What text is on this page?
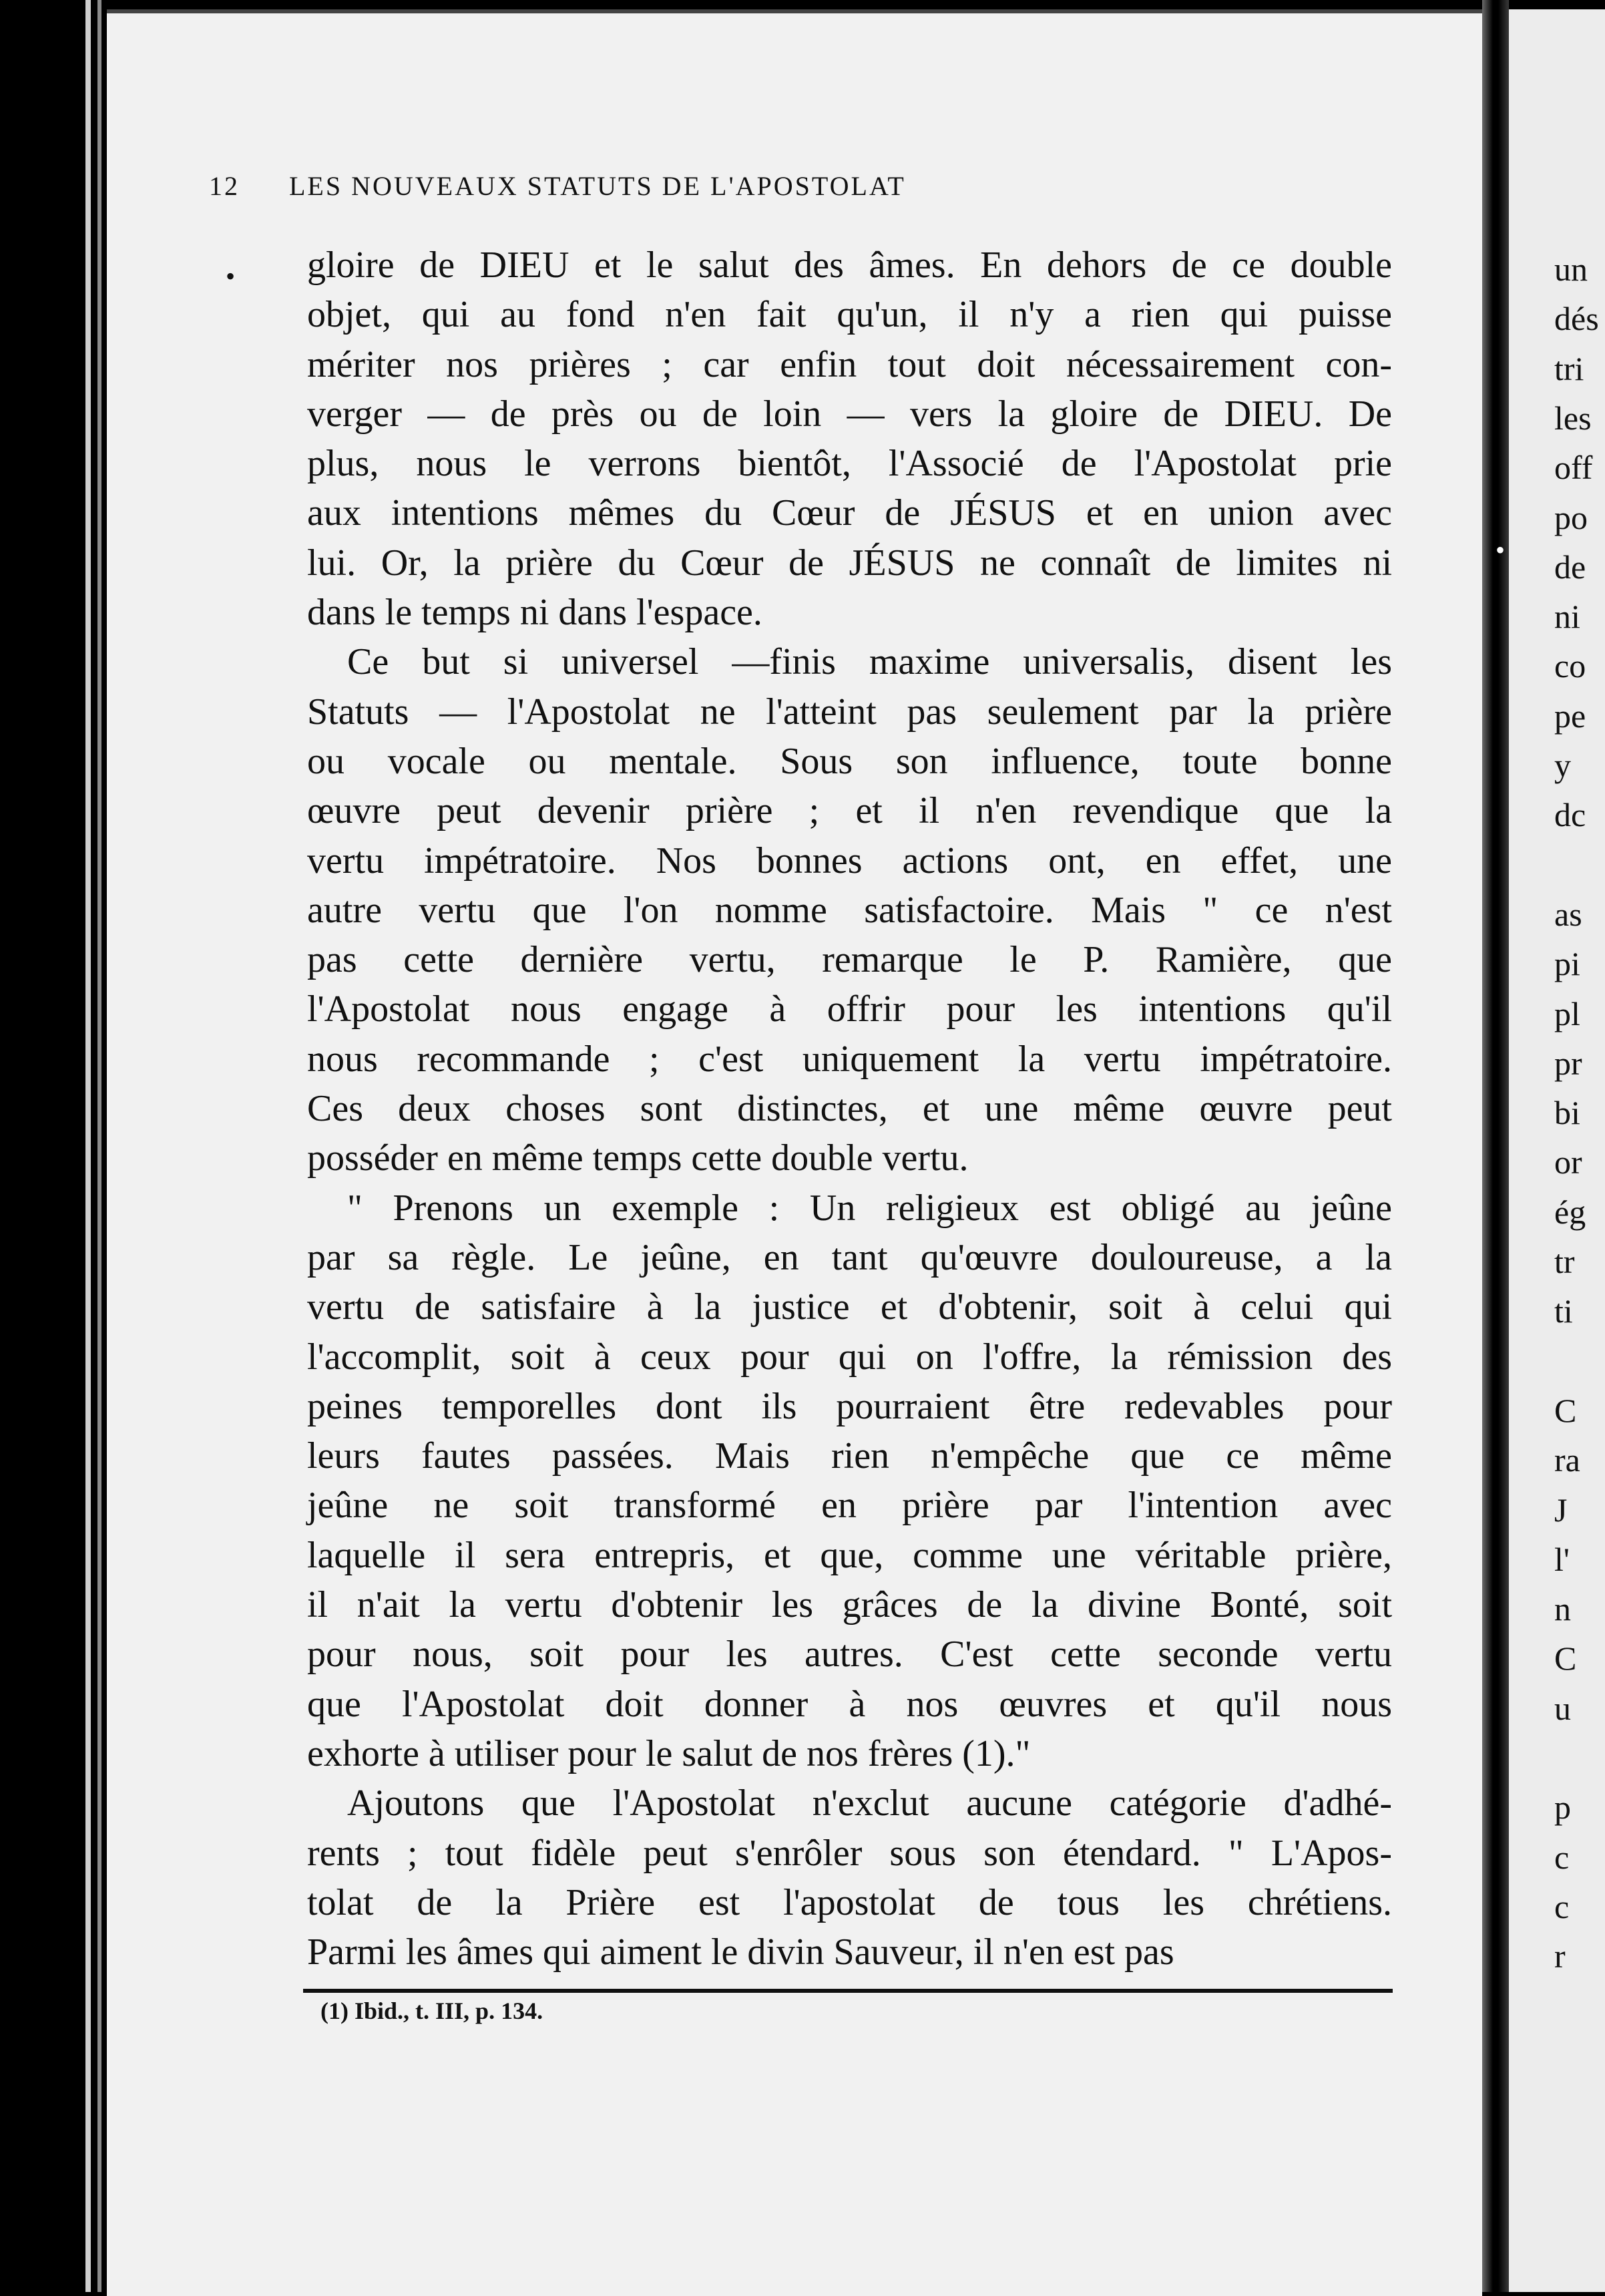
un
dés
tri
les
off
po
de
ni
co
pe
y
dc
as
pi
pl
pr
bi
or
ég
tr
ti
C
ra
J
l'
n
C
u
p
c
c
r
12 LES NOUVEAUX STATUTS DE L'APOSTOLAT
gloire de DIEU et le salut des âmes. En dehors de ce double
objet, qui au fond n'en fait qu'un, il n'y a rien qui puisse
mériter nos prières ; car enfin tout doit nécessairement con-
verger — de près ou de loin — vers la gloire de DIEU. De
plus, nous le verrons bientôt, l'Associé de l'Apostolat prie
aux intentions mêmes du Cœur de JÉSUS et en union avec
lui. Or, la prière du Cœur de JÉSUS ne connaît de limites ni
dans le temps ni dans l'espace.
Ce but si universel —finis maxime universalis, disent les
Statuts — l'Apostolat ne l'atteint pas seulement par la prière
ou vocale ou mentale. Sous son influence, toute bonne
œuvre peut devenir prière ; et il n'en revendique que la
vertu impétratoire. Nos bonnes actions ont, en effet, une
autre vertu que l'on nomme satisfactoire. Mais " ce n'est
pas cette dernière vertu, remarque le P. Ramière, que
l'Apostolat nous engage à offrir pour les intentions qu'il
nous recommande ; c'est uniquement la vertu impétratoire.
Ces deux choses sont distinctes, et une même œuvre peut
posséder en même temps cette double vertu.
" Prenons un exemple : Un religieux est obligé au jeûne
par sa règle. Le jeûne, en tant qu'œuvre douloureuse, a la
vertu de satisfaire à la justice et d'obtenir, soit à celui qui
l'accomplit, soit à ceux pour qui on l'offre, la rémission des
peines temporelles dont ils pourraient être redevables pour
leurs fautes passées. Mais rien n'empêche que ce même
jeûne ne soit transformé en prière par l'intention avec
laquelle il sera entrepris, et que, comme une véritable prière,
il n'ait la vertu d'obtenir les grâces de la divine Bonté, soit
pour nous, soit pour les autres. C'est cette seconde vertu
que l'Apostolat doit donner à nos œuvres et qu'il nous
exhorte à utiliser pour le salut de nos frères (1)."
Ajoutons que l'Apostolat n'exclut aucune catégorie d'adhé-
rents ; tout fidèle peut s'enrôler sous son étendard. " L'Apos-
tolat de la Prière est l'apostolat de tous les chrétiens.
Parmi les âmes qui aiment le divin Sauveur, il n'en est pas
(1) Ibid., t. III, p. 134.
•
•
